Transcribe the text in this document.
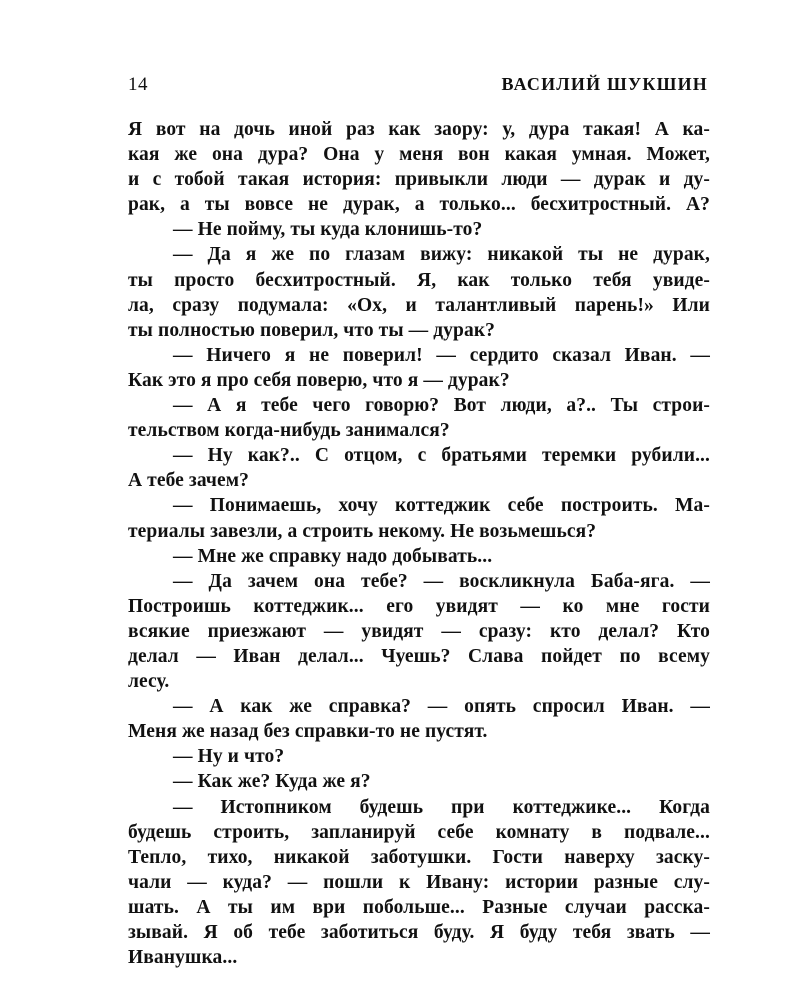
14	ВАСИЛИЙ ШУКШИН
Я вот на дочь иной раз как заору: у, дура такая! А ка-
кая же она дура? Она у меня вон какая умная. Может,
и с тобой такая история: привыкли люди — дурак и ду-
рак, а ты вовсе не дурак, а только... бесхитростный. А?
— Не пойму, ты куда клонишь-то?
— Да я же по глазам вижу: никакой ты не дурак,
ты просто бесхитростный. Я, как только тебя увиде-
ла, сразу подумала: «Ох, и талантливый парень!» Или
ты полностью поверил, что ты — дурак?
— Ничего я не поверил! — сердито сказал Иван. —
Как это я про себя поверю, что я — дурак?
— А я тебе чего говорю? Вот люди, а?.. Ты строи-
тельством когда-нибудь занимался?
— Ну как?.. С отцом, с братьями теремки рубили...
А тебе зачем?
— Понимаешь, хочу коттеджик себе построить. Ма-
териалы завезли, а строить некому. Не возьмешься?
— Мне же справку надо добывать...
— Да зачем она тебе? — воскликнула Баба-яга. —
Построишь коттеджик... его увидят — ко мне гости
всякие приезжают — увидят — сразу: кто делал? Кто
делал — Иван делал... Чуешь? Слава пойдет по всему
лесу.
— А как же справка? — опять спросил Иван. —
Меня же назад без справки-то не пустят.
— Ну и что?
— Как же? Куда же я?
— Истопником будешь при коттеджике... Когда
будешь строить, запланируй себе комнату в подвале...
Тепло, тихо, никакой заботушки. Гости наверху заску-
чали — куда? — пошли к Ивану: истории разные слу-
шать. А ты им ври побольше... Разные случаи расска-
зывай. Я об тебе заботиться буду. Я буду тебя звать —
Иванушка...
